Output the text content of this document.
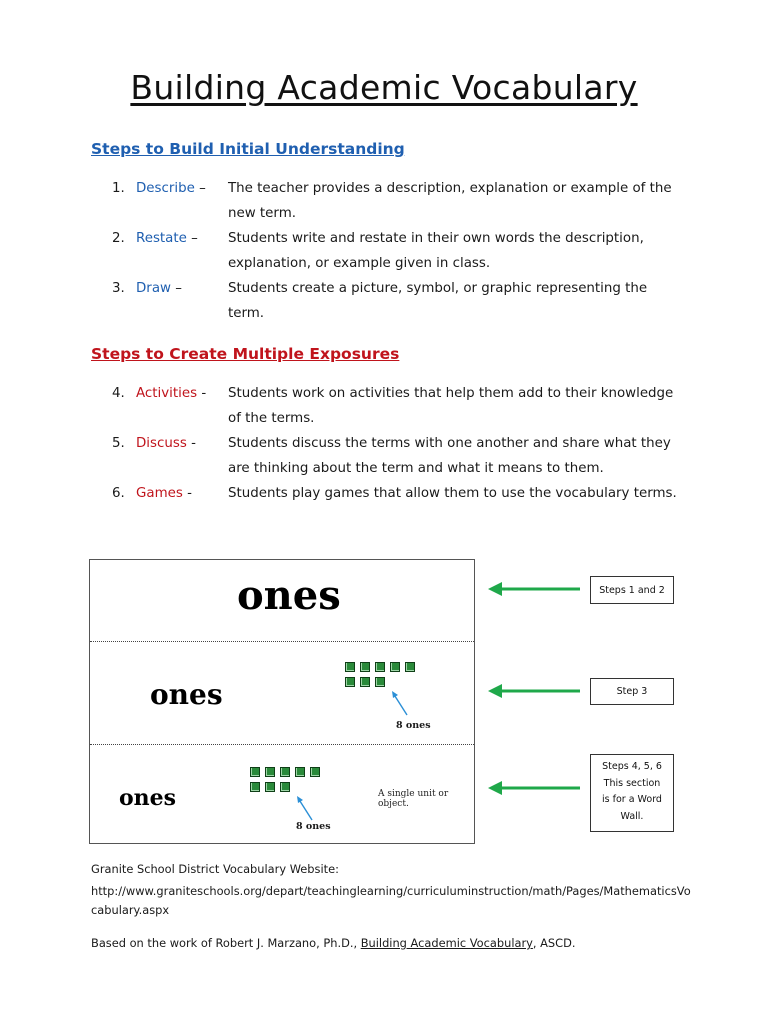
Building Academic Vocabulary
Steps to Build Initial Understanding
1. Describe –	The teacher provides a description, explanation or example of the new term.
2. Restate –	Students write and restate in their own words the description, explanation, or example given in class.
3. Draw –	Students create a picture, symbol, or graphic representing the term.
Steps to Create Multiple Exposures
4. Activities -	Students work on activities that help them add to their knowledge of the terms.
5. Discuss -	Students discuss the terms with one another and share what they are thinking about the term and what it means to them.
6. Games -	Students play games that allow them to use the vocabulary terms.
ones
ones
8 ones
ones
8 ones
A single unit or object.
Steps 1 and 2
Step 3
Steps 4, 5, 6
This section
is for a Word
Wall.
Granite School District Vocabulary Website:
http://www.graniteschools.org/depart/teachinglearning/curriculuminstruction/math/Pages/MathematicsVocabulary.aspx
Based on the work of Robert J. Marzano, Ph.D., Building Academic Vocabulary, ASCD.
